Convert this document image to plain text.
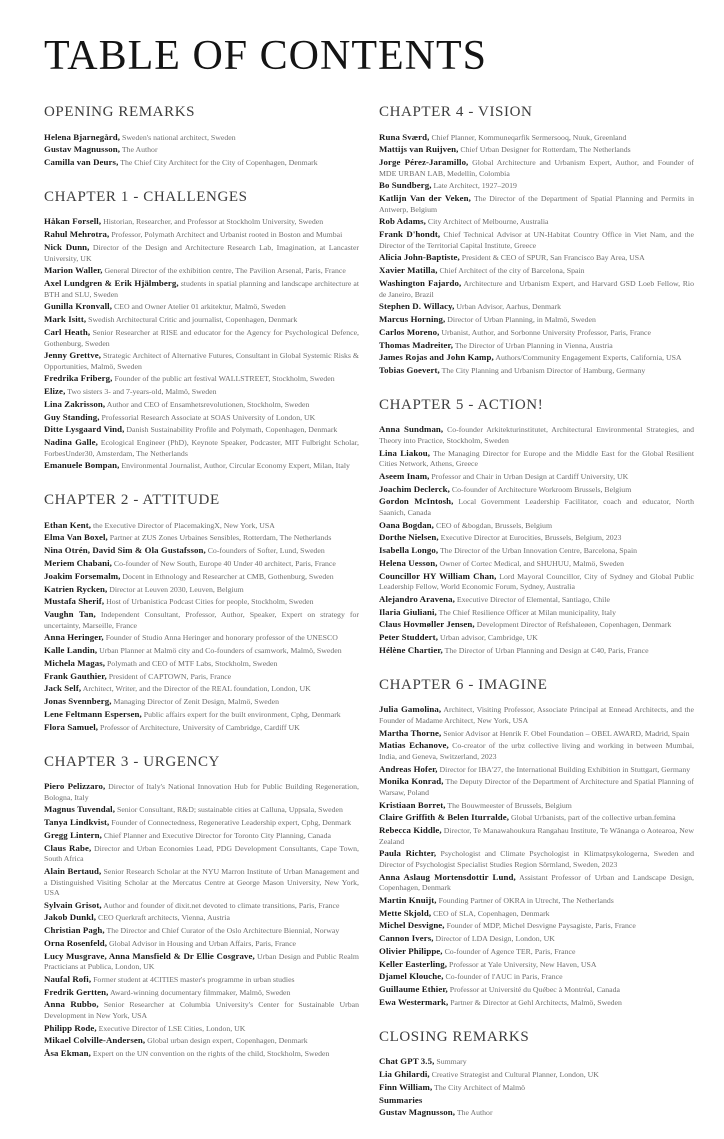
TABLE OF CONTENTS
OPENING REMARKS

Helena Bjarnegård, Sweden's national architect, Sweden

Gustav Magnusson, The Author

Camilla van Deurs, The Chief City Architect for the City of Copenhagen, Denmark

CHAPTER 1 - CHALLENGES

Håkan Forsell, Historian, Researcher, and Professor at Stockholm University, Sweden

Rahul Mehrotra, Professor, Polymath Architect and Urbanist rooted in Boston and Mumbai

Nick Dunn, Director of the Design and Architecture Research Lab, Imagination, at Lancaster University, UK

Marion Waller, General Director of the exhibition centre, The Pavilion Arsenal, Paris, France

Axel Lundgren & Erik Hjälmberg, students in spatial planning and landscape architecture at BTH and SLU, Sweden

Gunilla Kronvall, CEO and Owner Atelier 01 arkitektur, Malmö, Sweden

Mark Isitt, Swedish Architectural Critic and journalist, Copenhagen, Denmark

Carl Heath, Senior Researcher at RISE and educator for the Agency for Psychological Defence, Gothenburg, Sweden

Jenny Grettve, Strategic Architect of Alternative Futures, Consultant in Global Systemic Risks & Opportunities, Malmö, Sweden

Fredrika Friberg, Founder of the public art festival WALLSTREET, Stockholm, Sweden

Elize, Two sisters 3- and 7-years-old, Malmö, Sweden

Lina Zakrisson, Author and CEO of Ensamhetsrevolutionen, Stockholm, Sweden

Guy Standing, Professorial Research Associate at SOAS University of London, UK

Ditte Lysgaard Vind, Danish Sustainability Profile and Polymath, Copenhagen, Denmark

Nadina Galle, Ecological Engineer (PhD), Keynote Speaker, Podcaster, MIT Fulbright Scholar, ForbesUnder30, Amsterdam, The Netherlands

Emanuele Bompan, Environmental Journalist, Author, Circular Economy Expert, Milan, Italy

CHAPTER 2 - ATTITUDE

Ethan Kent, the Executive Director of PlacemakingX, New York, USA

Elma Van Boxel, Partner at ZUS Zones Urbaines Sensibles, Rotterdam, The Netherlands

Nina Otrén, David Sim & Ola Gustafsson, Co-founders of Softer, Lund, Sweden

Meriem Chabani, Co-founder of New South, Europe 40 Under 40 architect, Paris, France

Joakim Forsemalm, Docent in Ethnology and Researcher at CMB, Gothenburg, Sweden

Katrien Rycken, Director at Leuven 2030, Leuven, Belgium

Mustafa Sherif, Host of Urbanistica Podcast Cities for people, Stockholm, Sweden

Vaughn Tan, Independent Consultant, Professor, Author, Speaker, Expert on strategy for uncertainty, Marseille, France

Anna Heringer, Founder of Studio Anna Heringer and honorary professor of the UNESCO

Kalle Landin, Urban Planner at Malmö city and Co-founders of csamwork, Malmö, Sweden

Michela Magas, Polymath and CEO of MTF Labs, Stockholm, Sweden

Frank Gauthier, President of CAPTOWN, Paris, France

Jack Self, Architect, Writer, and the Director of the REAL foundation, London, UK

Jonas Svennberg, Managing Director of Zenit Design, Malmö, Sweden

Lene Feltmann Espersen, Public affairs expert for the built environment, Cphg, Denmark

Flora Samuel, Professor of Architecture, University of Cambridge, Cardiff UK

CHAPTER 3 - URGENCY

Piero Pelizzaro, Director of Italy's National Innovation Hub for Public Building Regeneration, Bologna, Italy

Magnus Tuvendal, Senior Consultant, R&D; sustainable cities at Calluna, Uppsala, Sweden

Tanya Lindkvist, Founder of Connectedness, Regenerative Leadership expert, Cphg, Denmark

Gregg Lintern, Chief Planner and Executive Director for Toronto City Planning, Canada

Claus Rabe, Director and Urban Economies Lead, PDG Development Consultants, Cape Town, South Africa

Alain Bertaud, Senior Research Scholar at the NYU Marron Institute of Urban Management and a Distinguished Visiting Scholar at the Mercatus Centre at George Mason University, New York, USA

Sylvain Grisot, Author and founder of dixit.net devoted to climate transitions, Paris, France

Jakob Dunkl, CEO Querkraft architects, Vienna, Austria

Christian Pagh, The Director and Chief Curator of the Oslo Architecture Biennial, Norway

Orna Rosenfeld, Global Advisor in Housing and Urban Affairs, Paris, France

Lucy Musgrave, Anna Mansfield & Dr Ellie Cosgrave, Urban Design and Public Realm Practicians at Publica, London, UK

Naufal Rofi, Former student at 4CITIES master's programme in urban studies

Fredrik Gertten, Award-winning documentary filmmaker, Malmö, Sweden

Anna Rubbo, Senior Researcher at Columbia University's Center for Sustainable Urban Development in New York, USA

Philipp Rode, Executive Director of LSE Cities, London, UK

Mikael Colville-Andersen, Global urban design expert, Copenhagen, Denmark

Åsa Ekman, Expert on the UN convention on the rights of the child, Stockholm, Sweden

CHAPTER 4 - VISION

Runa Sværd, Chief Planner, Kommuneqarfik Sermersooq, Nuuk, Greenland

Mattijs van Ruijven, Chief Urban Designer for Rotterdam, The Netherlands

Jorge Pérez-Jaramillo, Global Architecture and Urbanism Expert, Author, and Founder of MDE URBAN LAB, Medellín, Colombia

Bo Sundberg, Late Architect, 1927–2019

Katlijn Van der Veken, The Director of the Department of Spatial Planning and Permits in Antwerp, Belgium

Rob Adams, City Architect of Melbourne, Australia

Frank D'hondt, Chief Technical Advisor at UN-Habitat Country Office in Viet Nam, and the Director of the Territorial Capital Institute, Greece

Alicia John-Baptiste, President & CEO of SPUR, San Francisco Bay Area, USA

Xavier Matilla, Chief Architect of the city of Barcelona, Spain

Washington Fajardo, Architecture and Urbanism Expert, and Harvard GSD Loeb Fellow, Rio de Janeiro, Brazil

Stephen D. Willacy, Urban Advisor, Aarhus, Denmark

Marcus Horning, Director of Urban Planning, in Malmö, Sweden

Carlos Moreno, Urbanist, Author, and Sorbonne University Professor, Paris, France

Thomas Madreiter, The Director of Urban Planning in Vienna, Austria

James Rojas and John Kamp, Authors/Community Engagement Experts, California, USA

Tobias Goevert, The City Planning and Urbanism Director of Hamburg, Germany

CHAPTER 5 - ACTION!

Anna Sundman, Co-founder Arkitekturinstitutet, Architectural Environmental Strategies, and Theory into Practice, Stockholm, Sweden

Lina Liakou, The Managing Director for Europe and the Middle East for the Global Resilient Cities Network, Athens, Greece

Aseem Inam, Professor and Chair in Urban Design at Cardiff University, UK

Joachim Declerck, Co-founder of Architecture Workroom Brussels, Belgium

Gordon McIntosh, Local Government Leadership Facilitator, coach and educator, North Saanich, Canada

Oana Bogdan, CEO of &bogdan, Brussels, Belgium

Dorthe Nielsen, Executive Director at Eurocities, Brussels, Belgium, 2023

Isabella Longo, The Director of the Urban Innovation Centre, Barcelona, Spain

Helena Uesson, Owner of Cortec Medical, and SHUHUU, Malmö, Sweden

Councillor HY William Chan, Lord Mayoral Councillor, City of Sydney and Global Public Leadership Fellow, World Economic Forum, Sydney, Australia

Alejandro Aravena, Executive Director of Elemental, Santiago, Chile

Ilaria Giuliani, The Chief Resilience Officer at Milan municipality, Italy

Claus Hovmøller Jensen, Development Director of Refshaleøen, Copenhagen, Denmark

Peter Studdert, Urban advisor, Cambridge, UK

Hélène Chartier, The Director of Urban Planning and Design at C40, Paris, France

CHAPTER 6 - IMAGINE

Julia Gamolina, Architect, Visiting Professor, Associate Principal at Ennead Architects, and the Founder of Madame Architect, New York, USA

Martha Thorne, Senior Advisor at Henrik F. Obel Foundation – OBEL AWARD, Madrid, Spain

Matias Echanove, Co-creator of the urbz collective living and working in between Mumbai, India, and Geneva, Switzerland, 2023

Andreas Hofer, Director for IBA'27, the International Building Exhibition in Stuttgart, Germany

Monika Konrad, The Deputy Director of the Department of Architecture and Spatial Planning of Warsaw, Poland

Kristiaan Borret, The Bouwmeester of Brussels, Belgium

Claire Griffith & Belen Iturralde, Global Urbanists, part of the collective urban.femina

Rebecca Kiddle, Director, Te Manawahoukura Rangahau Institute, Te Wānanga o Aotearoa, New Zealand

Paula Richter, Psychologist and Climate Psychologist in Klimatpsykologerna, Sweden and Director of Psychologist Specialist Studies Region Sörmland, Sweden, 2023

Anna Aslaug Mortensdottir Lund, Assistant Professor of Urban and Landscape Design, Copenhagen, Denmark

Martin Knuijt, Founding Partner of OKRA in Utrecht, The Netherlands

Mette Skjold, CEO of SLA, Copenhagen, Denmark

Michel Desvigne, Founder of MDP, Michel Desvigne Paysagiste, Paris, France

Cannon Ivers, Director of LDA Design, London, UK

Olivier Philippe, Co-founder of Agence TER, Paris, France

Keller Easterling, Professor at Yale University, New Haven, USA

Djamel Klouche, Co-founder of l'AUC in Paris, France

Guillaume Ethier, Professor at Université du Québec à Montréal, Canada

Ewa Westermark, Partner & Director at Gehl Architects, Malmö, Sweden

CLOSING REMARKS

Chat GPT 3.5, Summary

Lia Ghilardi, Creative Strategist and Cultural Planner, London, UK

Finn William, The City Architect of Malmö

Summaries

Gustav Magnusson, The Author
